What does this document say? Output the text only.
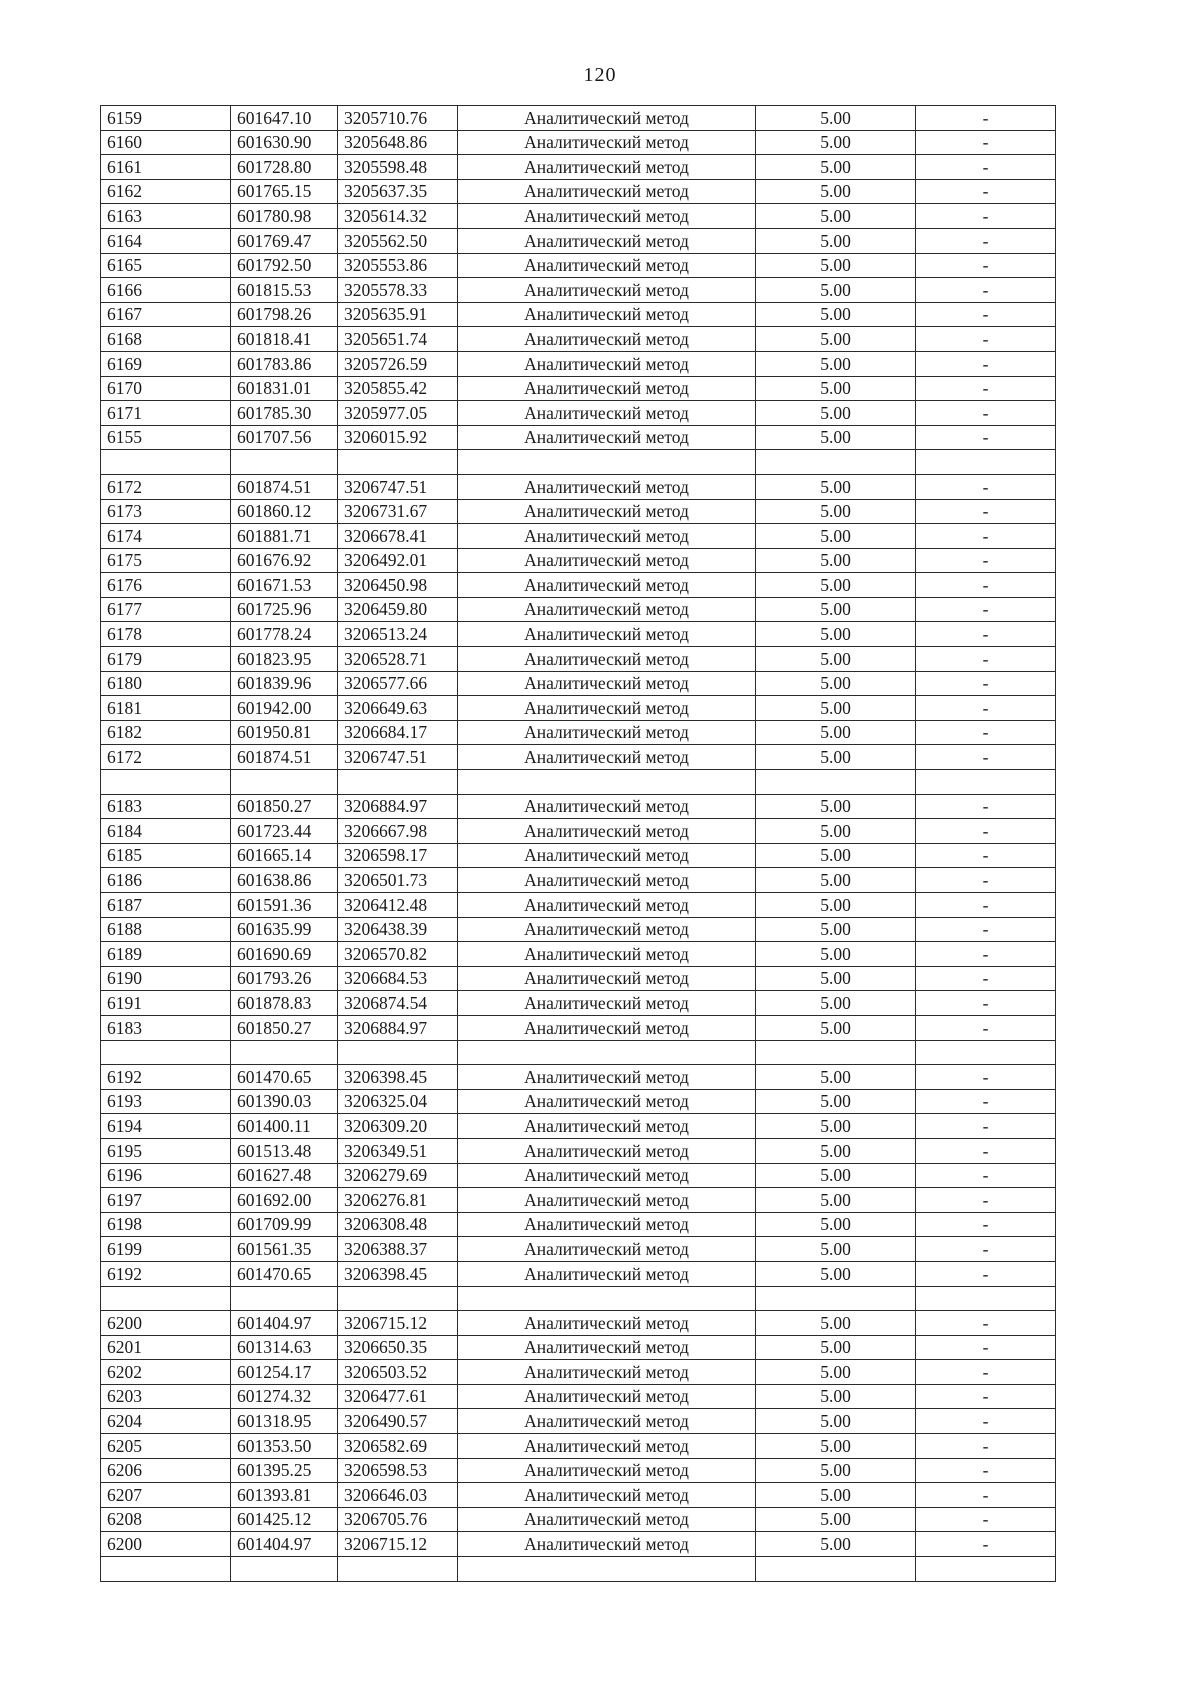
120
6159	601647.10	3205710.76	Аналитический метод	5.00	-
6160	601630.90	3205648.86	Аналитический метод	5.00	-
6161	601728.80	3205598.48	Аналитический метод	5.00	-
6162	601765.15	3205637.35	Аналитический метод	5.00	-
6163	601780.98	3205614.32	Аналитический метод	5.00	-
6164	601769.47	3205562.50	Аналитический метод	5.00	-
6165	601792.50	3205553.86	Аналитический метод	5.00	-
6166	601815.53	3205578.33	Аналитический метод	5.00	-
6167	601798.26	3205635.91	Аналитический метод	5.00	-
6168	601818.41	3205651.74	Аналитический метод	5.00	-
6169	601783.86	3205726.59	Аналитический метод	5.00	-
6170	601831.01	3205855.42	Аналитический метод	5.00	-
6171	601785.30	3205977.05	Аналитический метод	5.00	-
6155	601707.56	3206015.92	Аналитический метод	5.00	-

6172	601874.51	3206747.51	Аналитический метод	5.00	-
6173	601860.12	3206731.67	Аналитический метод	5.00	-
6174	601881.71	3206678.41	Аналитический метод	5.00	-
6175	601676.92	3206492.01	Аналитический метод	5.00	-
6176	601671.53	3206450.98	Аналитический метод	5.00	-
6177	601725.96	3206459.80	Аналитический метод	5.00	-
6178	601778.24	3206513.24	Аналитический метод	5.00	-
6179	601823.95	3206528.71	Аналитический метод	5.00	-
6180	601839.96	3206577.66	Аналитический метод	5.00	-
6181	601942.00	3206649.63	Аналитический метод	5.00	-
6182	601950.81	3206684.17	Аналитический метод	5.00	-
6172	601874.51	3206747.51	Аналитический метод	5.00	-

6183	601850.27	3206884.97	Аналитический метод	5.00	-
6184	601723.44	3206667.98	Аналитический метод	5.00	-
6185	601665.14	3206598.17	Аналитический метод	5.00	-
6186	601638.86	3206501.73	Аналитический метод	5.00	-
6187	601591.36	3206412.48	Аналитический метод	5.00	-
6188	601635.99	3206438.39	Аналитический метод	5.00	-
6189	601690.69	3206570.82	Аналитический метод	5.00	-
6190	601793.26	3206684.53	Аналитический метод	5.00	-
6191	601878.83	3206874.54	Аналитический метод	5.00	-
6183	601850.27	3206884.97	Аналитический метод	5.00	-

6192	601470.65	3206398.45	Аналитический метод	5.00	-
6193	601390.03	3206325.04	Аналитический метод	5.00	-
6194	601400.11	3206309.20	Аналитический метод	5.00	-
6195	601513.48	3206349.51	Аналитический метод	5.00	-
6196	601627.48	3206279.69	Аналитический метод	5.00	-
6197	601692.00	3206276.81	Аналитический метод	5.00	-
6198	601709.99	3206308.48	Аналитический метод	5.00	-
6199	601561.35	3206388.37	Аналитический метод	5.00	-
6192	601470.65	3206398.45	Аналитический метод	5.00	-

6200	601404.97	3206715.12	Аналитический метод	5.00	-
6201	601314.63	3206650.35	Аналитический метод	5.00	-
6202	601254.17	3206503.52	Аналитический метод	5.00	-
6203	601274.32	3206477.61	Аналитический метод	5.00	-
6204	601318.95	3206490.57	Аналитический метод	5.00	-
6205	601353.50	3206582.69	Аналитический метод	5.00	-
6206	601395.25	3206598.53	Аналитический метод	5.00	-
6207	601393.81	3206646.03	Аналитический метод	5.00	-
6208	601425.12	3206705.76	Аналитический метод	5.00	-
6200	601404.97	3206715.12	Аналитический метод	5.00	-
